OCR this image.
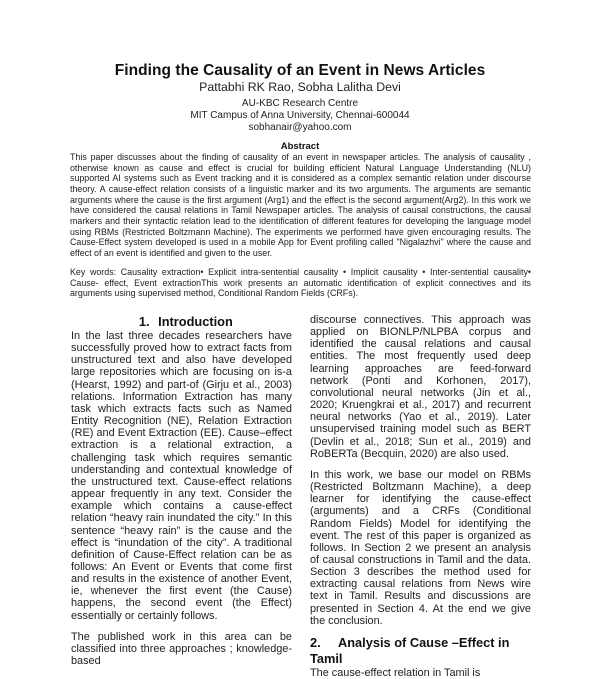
Finding the Causality of an Event in News Articles
Pattabhi RK Rao, Sobha Lalitha Devi
AU-KBC Research Centre
MIT Campus of Anna University, Chennai-600044
sobhanair@yahoo.com
Abstract

This paper discusses about the finding of causality of an event in newspaper articles. The analysis of causality , otherwise known as cause and effect is crucial for building efficient Natural Language Understanding (NLU) supported AI systems such as Event tracking and it is considered as a complex semantic relation under discourse theory. A cause-effect relation consists of a linguistic marker and its two arguments. The arguments are semantic arguments where the cause is the first argument (Arg1) and the effect is the second argument(Arg2). In this work we have considered the causal relations in Tamil Newspaper articles. The analysis of causal constructions, the causal markers and their syntactic relation lead to the identification of different features for developing the language model using RBMs (Restricted Boltzmann Machine). The experiments we performed have given encouraging results. The Cause-Effect system developed is used in a mobile App for Event profiling called "Nigalazhvi" where the cause and effect of an event is identified and given to the user.

Key words: Causality extraction• Explicit intra-sentential causality • Implicit causality • Inter-sentential causality• Cause- effect, Event extractionThis work presents an automatic identification of explicit connectives and its arguments using supervised method, Conditional Random Fields (CRFs).

1. Introduction

In the last three decades researchers have successfully proved how to extract facts from unstructured text and also have developed large repositories which are focusing on is-a (Hearst, 1992) and part-of (Girju et al., 2003) relations. Information Extraction has many task which extracts facts such as Named Entity Recognition (NE), Relation Extraction (RE) and Event Extraction (EE). Cause–effect extraction is a relational extraction, a challenging task which requires semantic understanding and contextual knowledge of the unstructured text. Cause-effect relations appear frequently in any text. Consider the example which contains a cause-effect relation “heavy rain inundated the city.” In this sentence “heavy rain” is the cause and the effect is “inundation of the city”. A traditional definition of Cause-Effect relation can be as follows: An Event or Events that come first and results in the existence of another Event, ie, whenever the first event (the Cause) happens, the second event (the Effect) essentially or certainly follows.

The published work in this area can be classified into three approaches ; knowledge-based

discourse connectives. This approach was applied on BIONLP/NLPBA corpus and identified the causal relations and causal entities. The most frequently used deep learning approaches are feed-forward network (Ponti and Korhonen, 2017), convolutional neural networks (Jin et al., 2020; Kruengkrai et al., 2017) and recurrent neural networks (Yao et al., 2019). Later unsupervised training model such as BERT (Devlin et al., 2018; Sun et al., 2019) and RoBERTa (Becquin, 2020) are also used.

In this work, we base our model on RBMs (Restricted Boltzmann Machine), a deep learner for identifying the cause-effect (arguments) and a CRFs (Conditional Random Fields) Model for identifying the event. The rest of this paper is organized as follows. In Section 2 we present an analysis of causal constructions in Tamil and the data. Section 3 describes the method used for extracting causal relations from News wire text in Tamil. Results and discussions are presented in Section 4. At the end we give the conclusion.

2. Analysis of Cause –Effect in Tamil

The cause-effect relation in Tamil is
